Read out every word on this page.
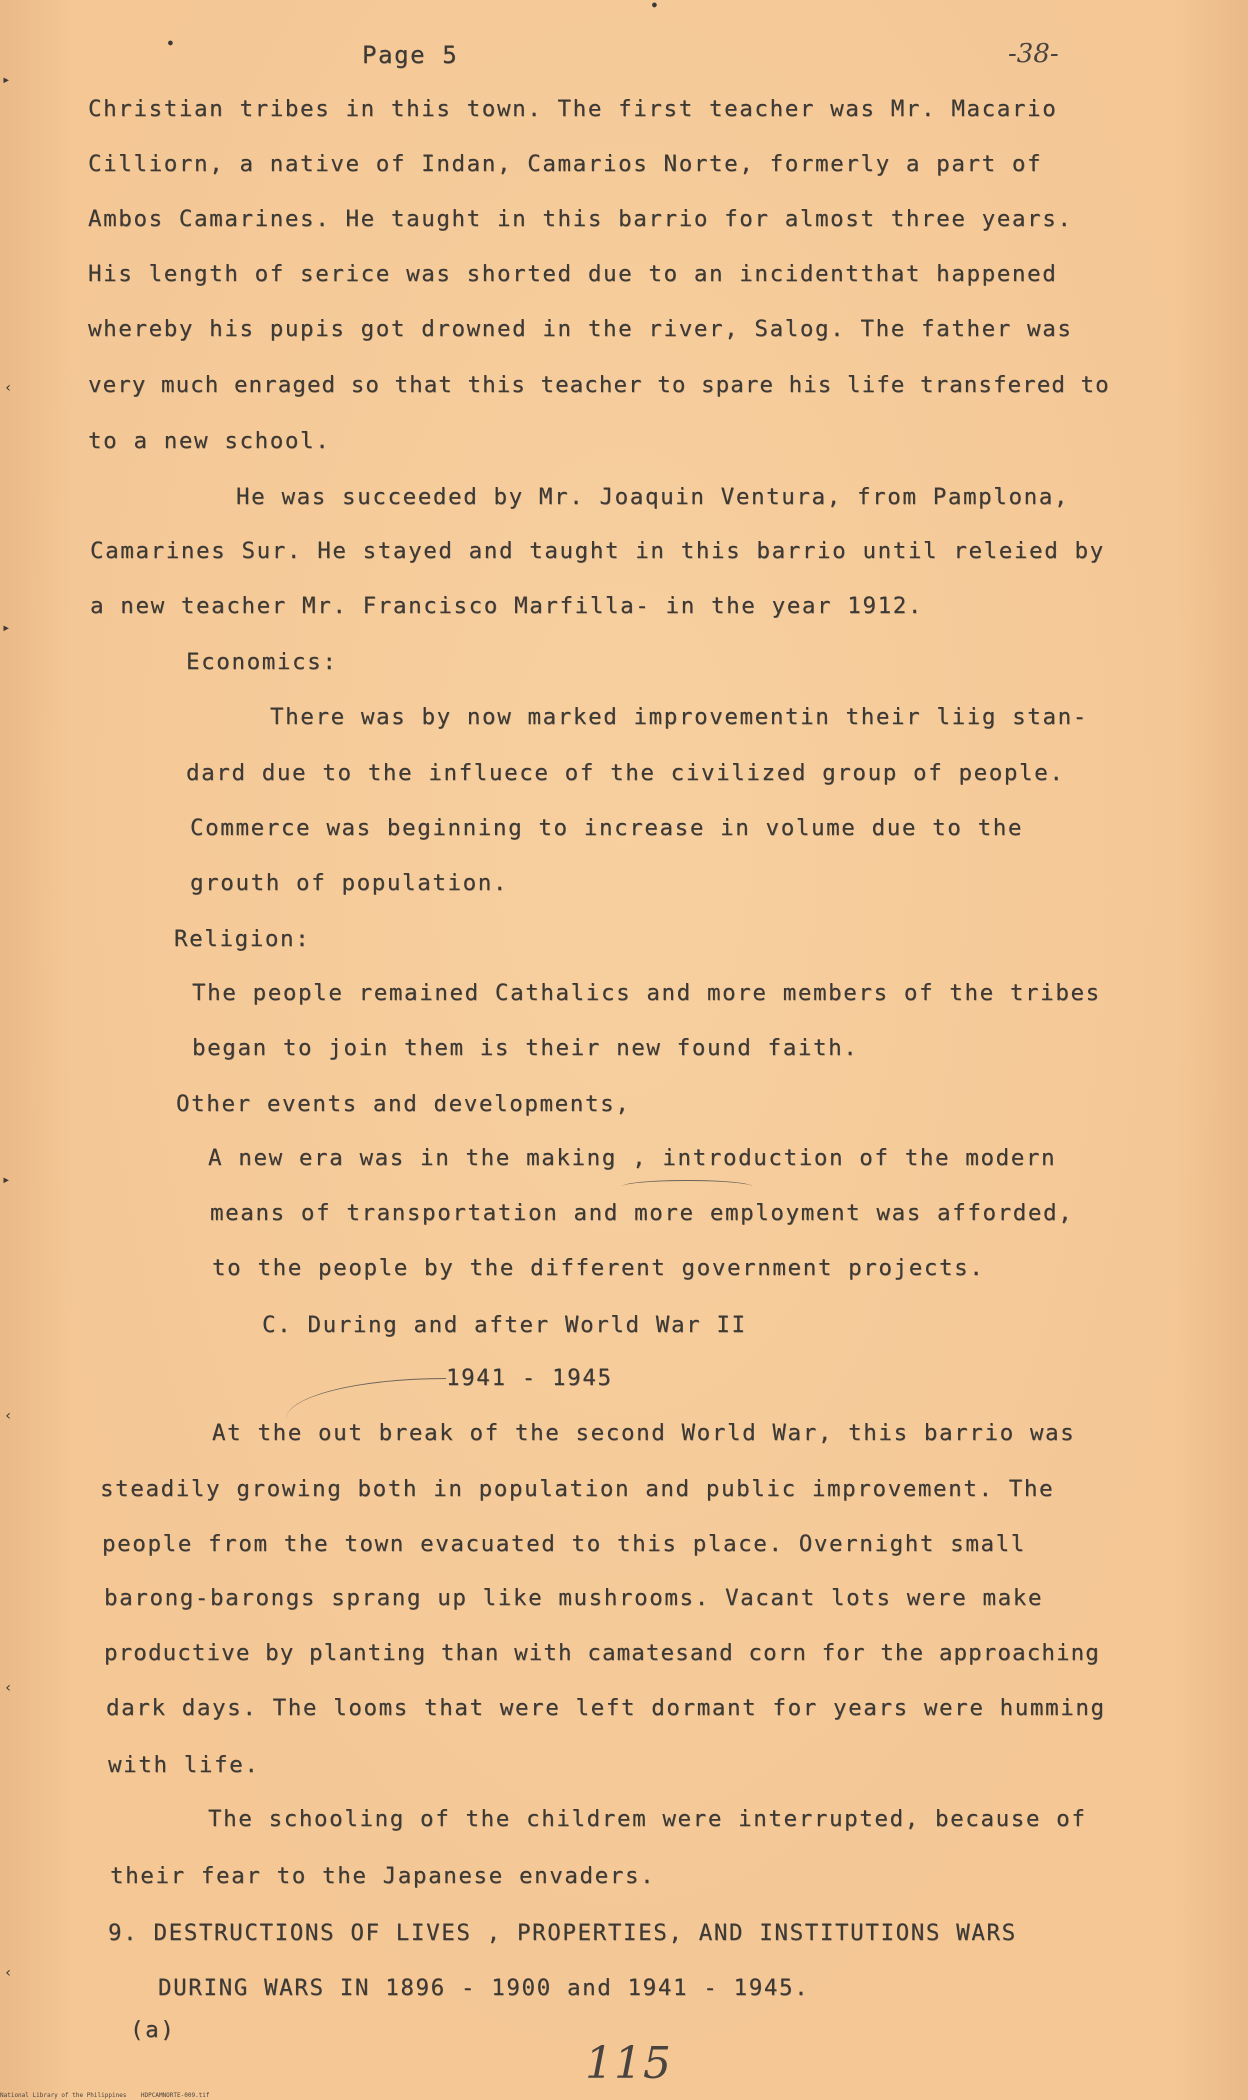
▸
‹
▸
▸
‹
‹
‹
●
●
Page 5	-38-
Christian tribes in this town. The first teacher was Mr. Macario
Cilliorn, a native of Indan, Camarios Norte, formerly a part of
Ambos Camarines. He taught in this barrio for almost three years.
His length of serice was shorted due to an incidentthat happened
whereby his pupis got drowned in the river, Salog. The father was
very much enraged so that this teacher to spare his life transfered to
to a new school.
He was succeeded by Mr. Joaquin Ventura, from Pamplona,
Camarines Sur. He stayed and taught in this barrio until releied by
a new teacher Mr. Francisco Marfilla- in the year 1912.
Economics:
There was by now marked improvementin their liig stan-
dard due to the influece of the civilized group of people.
Commerce was beginning to increase in volume due to the
grouth of population.
Religion:
The people remained Cathalics and more members of the tribes
began to join them is their new found faith.
Other events and developments,
A new era was in the making , introduction of the modern
means of transportation and more employment was afforded,
to the people by the different government projects.
C. During and after World War II
1941 - 1945
At the out break of the second World War, this barrio was
steadily growing both in population and public improvement. The
people from the town evacuated to this place. Overnight small
barong-barongs sprang up like mushrooms. Vacant lots were make
productive by planting than with camatesand corn for the approaching
dark days. The looms that were left dormant for years were humming
with life.
The schooling of the childrem were interrupted, because of
their fear to the Japanese envaders.
9. DESTRUCTIONS OF LIVES , PROPERTIES, AND INSTITUTIONS WARS
DURING WARS IN 1896 - 1900 and 1941 - 1945.
(a)
115
National Library of the Philippines    HDPCAMNORTE-009.tif
